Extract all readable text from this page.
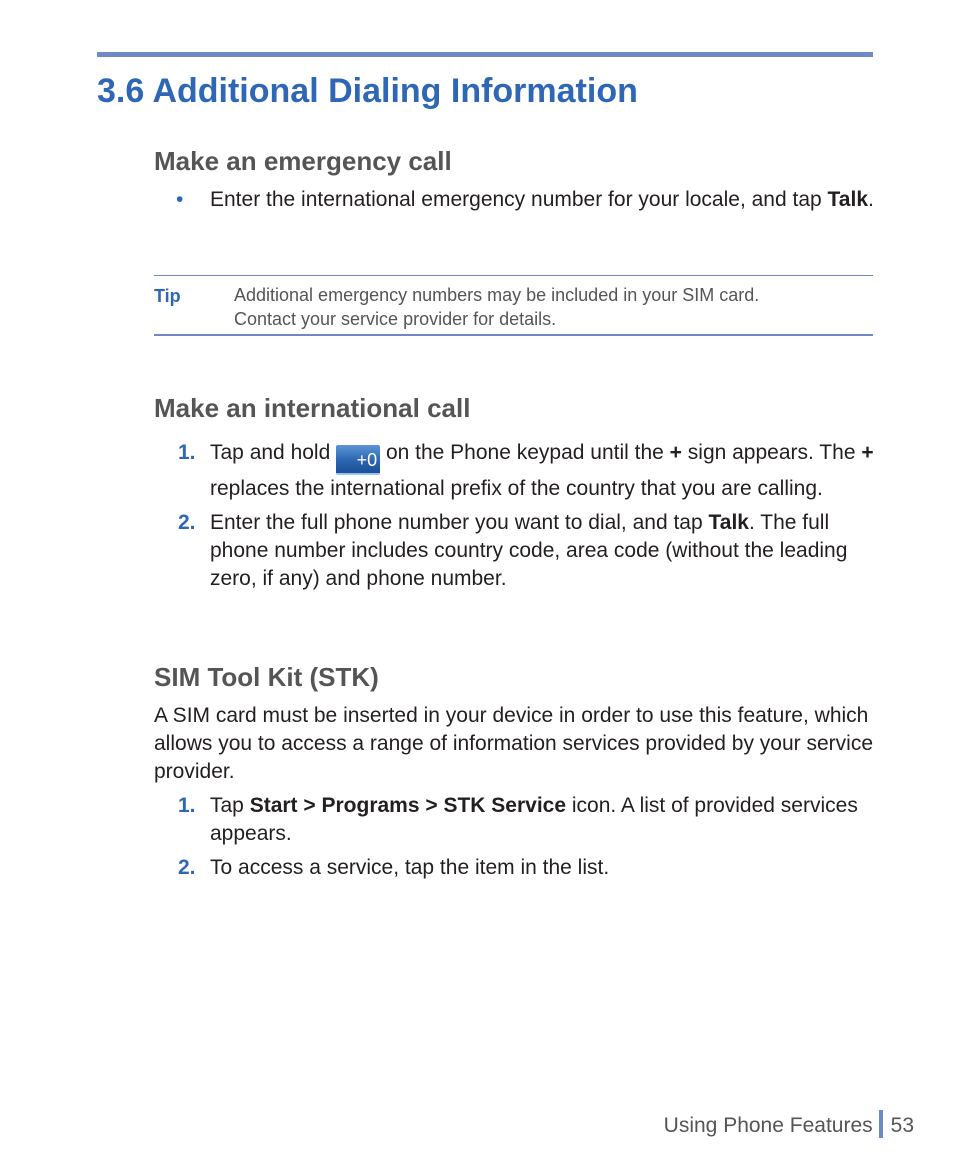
3.6 Additional Dialing Information
Make an emergency call
• Enter the international emergency number for your locale, and tap Talk.
Tip	Additional emergency numbers may be included in your SIM card.
Contact your service provider for details.
Make an international call
1. Tap and hold +0 on the Phone keypad until the + sign appears. The + replaces the international prefix of the country that you are calling.
2. Enter the full phone number you want to dial, and tap Talk. The full phone number includes country code, area code (without the leading zero, if any) and phone number.
SIM Tool Kit (STK)

A SIM card must be inserted in your device in order to use this feature, which allows you to access a range of information services provided by your service provider.

1. Tap Start > Programs > STK Service icon. A list of provided services appears.
2. To access a service, tap the item in the list.
Using Phone Features 53
